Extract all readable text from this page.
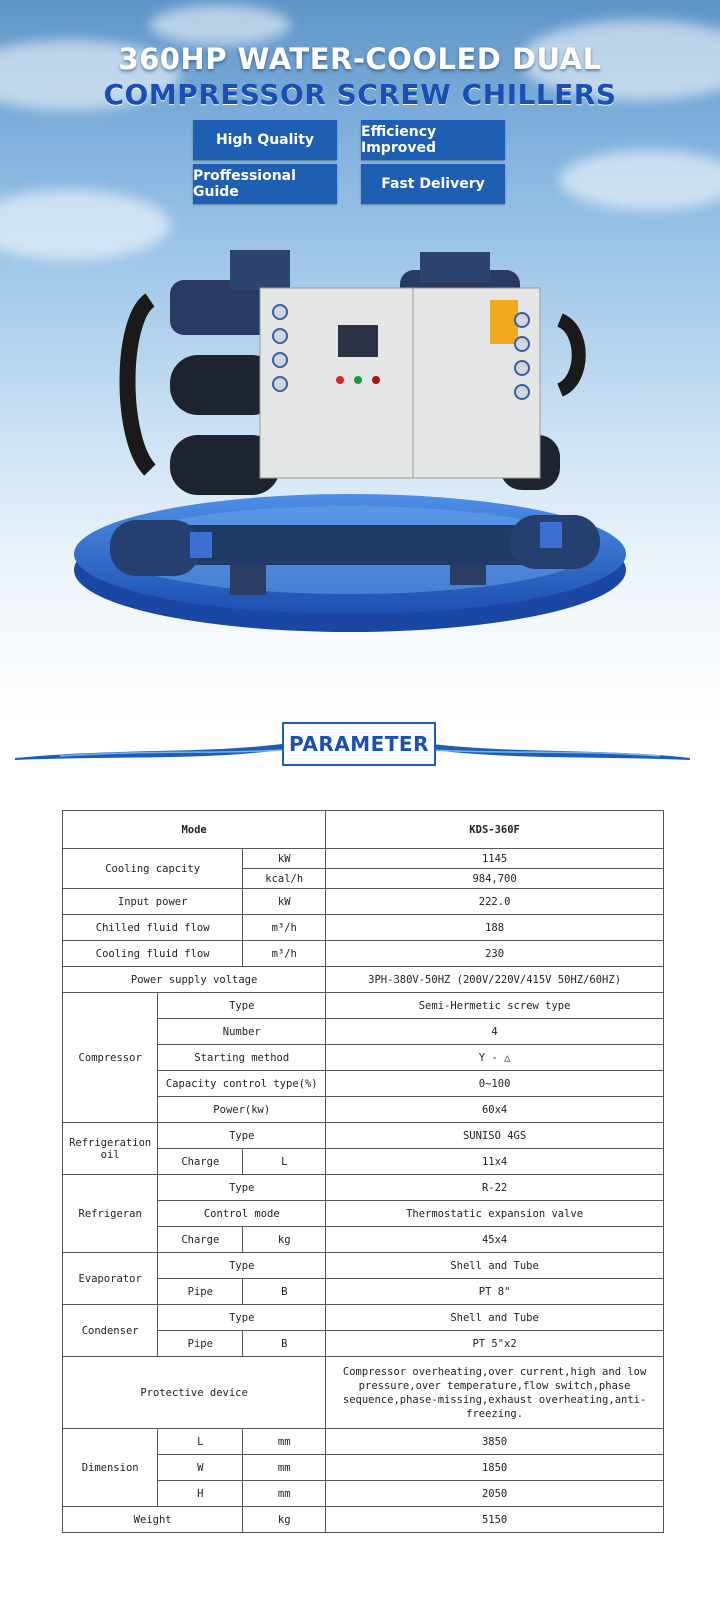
360HP WATER-COOLED DUAL
COMPRESSOR SCREW CHILLERS
High Quality	Efficiency Improved
Proffessional Guide	Fast Delivery
PARAMETER
Mode			KDS-360F
Cooling capcity		kW	1145
		kcal/h	984,700
Input power		kW	222.0
Chilled fluid flow		m³/h	188
Cooling fluid flow		m³/h	230
Power supply voltage			3PH-380V-50HZ (200V/220V/415V 50HZ/60HZ)
Compressor	Type		Semi-Hermetic screw type
	Number		4
	Starting method		Y - △
	Capacity control type(%)		0~100
	Power(kw)		60x4
Refrigeration oil	Type		SUNISO 4GS
	Charge	L	11x4
Refrigeran	Type		R-22
	Control mode		Thermostatic expansion valve
	Charge	kg	45x4
Evaporator	Type		Shell and Tube
	Pipe	B	PT 8"
Condenser	Type		Shell and Tube
	Pipe	B	PT 5"x2
Protective device			Compressor overheating,over current,high and low pressure,over temperature,flow switch,phase sequence,phase-missing,exhaust overheating,anti-freezing.
Dimension	L	mm	3850
	W	mm	1850
	H	mm	2050
Weight		kg	5150
